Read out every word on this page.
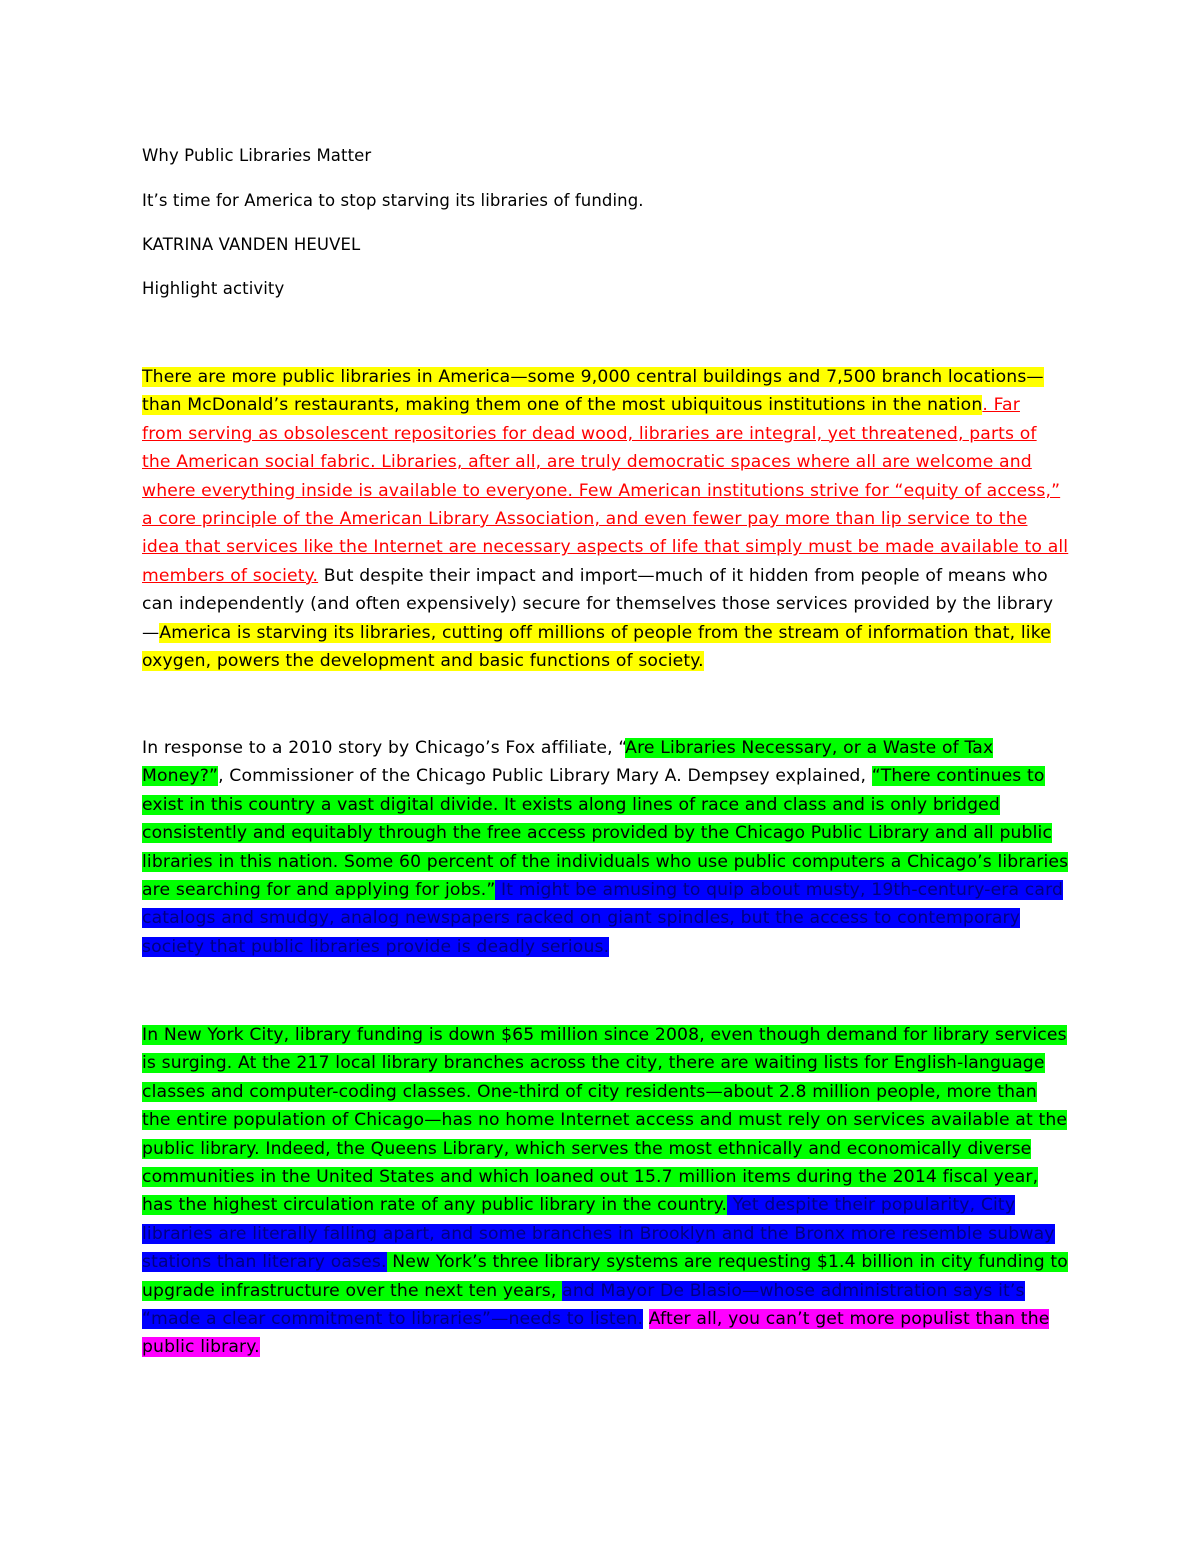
Why Public Libraries Matter
It’s time for America to stop starving its libraries of funding.
KATRINA VANDEN HEUVEL
Highlight activity
There are more public libraries in America—some 9,000 central buildings and 7,500 branch locations—
than McDonald’s restaurants, making them one of the most ubiquitous institutions in the nation. Far
from serving as obsolescent repositories for dead wood, libraries are integral, yet threatened, parts of
the American social fabric. Libraries, after all, are truly democratic spaces where all are welcome and
where everything inside is available to everyone. Few American institutions strive for “equity of access,”
a core principle of the American Library Association, and even fewer pay more than lip service to the
idea that services like the Internet are necessary aspects of life that simply must be made available to all
members of society. But despite their impact and import—much of it hidden from people of means who
can independently (and often expensively) secure for themselves those services provided by the library
—America is starving its libraries, cutting off millions of people from the stream of information that, like
oxygen, powers the development and basic functions of society.
In response to a 2010 story by Chicago’s Fox affiliate, “Are Libraries Necessary, or a Waste of Tax
Money?”, Commissioner of the Chicago Public Library Mary A. Dempsey explained, “There continues to
exist in this country a vast digital divide. It exists along lines of race and class and is only bridged
consistently and equitably through the free access provided by the Chicago Public Library and all public
libraries in this nation. Some 60 percent of the individuals who use public computers a Chicago’s libraries
are searching for and applying for jobs.” It might be amusing to quip about musty, 19th-century-era card
catalogs and smudgy, analog newspapers racked on giant spindles, but the access to contemporary
society that public libraries provide is deadly serious.
In New York City, library funding is down $65 million since 2008, even though demand for library services
is surging. At the 217 local library branches across the city, there are waiting lists for English-language
classes and computer-coding classes. One-third of city residents—about 2.8 million people, more than
the entire population of Chicago—has no home Internet access and must rely on services available at the
public library. Indeed, the Queens Library, which serves the most ethnically and economically diverse
communities in the United States and which loaned out 15.7 million items during the 2014 fiscal year,
has the highest circulation rate of any public library in the country. Yet despite their popularity, City
libraries are literally falling apart, and some branches in Brooklyn and the Bronx more resemble subway
stations than literary oases. New York’s three library systems are requesting $1.4 billion in city funding to
upgrade infrastructure over the next ten years, and Mayor De Blasio—whose administration says it’s
“made a clear commitment to libraries”—needs to listen. After all, you can’t get more populist than the
public library.
